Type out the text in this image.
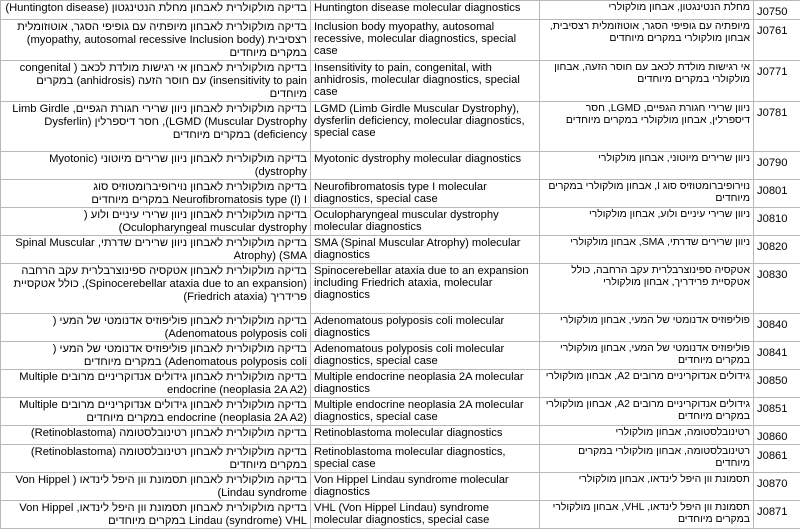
בדיקה מולקולרית לאבחון מחלת הנטינגטון (Huntington disease)	Huntington disease molecular diagnostics	מחלת הנטינגטון, אבחון מולקולרי	J0750
בדיקה מולקולרית לאבחון מיופתיה עם גופיפי הסגר, אוטוזומלית רצסיבית (myopathy, autosomal recessive Inclusion body) במקרים מיוחדים	Inclusion body myopathy, autosomal recessive, molecular diagnostics, special case	מיופתיה עם גופיפי הסגר, אוטוזומלית רצסיבית, אבחון מולקולרי במקרים מיוחדים	J0761
בדיקה מולקולרית לאבחון אי רגישות מולדת לכאב ( congenital insensitivity to pain) עם חוסר הזעה (anhidrosis) במקרים מיוחדים	Insensitivity to pain, congenital, with anhidrosis, molecular diagnostics, special case	אי רגישות מולדת לכאב עם חוסר הזעה, אבחון מולקולרי במקרים מיוחדים	J0771
בדיקה מולקולרית לאבחון ניוון שרירי חגורת הגפיים, Limb Girdle (LGMD (Muscular Dystrophy, חסר דיספרלין (Dysferlin deficiency) במקרים מיוחדים	LGMD (Limb Girdle Muscular Dystrophy), dysferlin deficiency, molecular diagnostics, special case	ניוון שרירי חגורת הגפיים, LGMD, חסר דיספרלין, אבחון מולקולרי במקרים מיוחדים	J0781
בדיקה מולקולרית לאבחון ניוון שרירים מיוטוני (Myotonic dystrophy)	Myotonic dystrophy molecular diagnostics	ניוון שרירים מיוטוני, אבחון מולקולרי	J0790
בדיקה מולקולרית לאבחון נוירופיברומטוזיס סוג Neurofibromatosis type (I) I במקרים מיוחדים	Neurofibromatosis type I molecular diagnostics, special case	נוירופיברומטוזיס סוג I, אבחון מולקולרי במקרים מיוחדים	J0801
בדיקה מולקולרית לאבחון ניוון שרירי עיניים ולוע ( Oculopharyngeal muscular dystrophy)	Oculopharyngeal muscular dystrophy molecular diagnostics	ניוון שרירי עיניים ולוע, אבחון מולקולרי	J0810
בדיקה מולקולרית לאבחון ניוון שרירים שדרתי, Spinal Muscular Atrophy) (SMA	SMA (Spinal Muscular Atrophy) molecular diagnostics	ניוון שרירים שדרתי, SMA, אבחון מולקולרי	J0820
בדיקה מולקולרית לאבחון אטקסיה ספינוצרבלרית עקב הרחבה (Spinocerebellar ataxia due to an expansion), כולל אטקסיית פרידריך (Friedrich ataxia)	Spinocerebellar ataxia due to an expansion including Friedrich ataxia, molecular diagnostics	אטקסיה ספינוצרבלרית עקב הרחבה, כולל אטקסיית פרידריך, אבחון מולקולרי	J0830
בדיקה מולקולרית לאבחון פוליפוזיס אדנומטי של המעי ( Adenomatous polyposis coli)	Adenomatous polyposis coli molecular diagnostics	פוליפוזיס אדנומטי של המעי, אבחון מולקולרי	J0840
בדיקה מולקולרית לאבחון פוליפוזיס אדנומטי של המעי ( Adenomatous polyposis coli) במקרים מיוחדים	Adenomatous polyposis coli molecular diagnostics, special case	פוליפוזיס אדנומטי של המעי, אבחון מולקולרי במקרים מיוחדים	J0841
בדיקה מולקולרית לאבחון גידולים אנדוקריניים מרובים Multiple endocrine (neoplasia 2A A2)	Multiple endocrine neoplasia 2A molecular diagnostics	גידולים אנדוקריניים מרובים A2, אבחון מולקולרי	J0850
בדיקה מולקולרית לאבחון גידולים אנדוקריניים מרובים Multiple endocrine (neoplasia 2A A2) במקרים מיוחדים	Multiple endocrine neoplasia 2A molecular diagnostics, special case	גידולים אנדוקריניים מרובים A2, אבחון מולקולרי במקרים מיוחדים	J0851
בדיקה מולקולרית לאבחון רטינובלסטומה (Retinoblastoma)	Retinoblastoma molecular diagnostics	רטינובלסטומה, אבחון מולקולרי	J0860
בדיקה מולקולרית לאבחון רטינובלסטומה (Retinoblastoma) במקרים מיוחדים	Retinoblastoma molecular diagnostics, special case	רטינובלסטומה, אבחון מולקולרי במקרים מיוחדים	J0861
בדיקה מולקולרית לאבחון תסמונת וון היפל לינדאו ( Von Hippel Lindau syndrome)	Von Hippel Lindau syndrome molecular diagnostics	תסמונת וון היפל לינדאו, אבחון מולקולרי	J0870
בדיקה מולקולרית לאבחון תסמונת וון היפל לינדאו, Von Hippel Lindau (syndrome) VHL במקרים מיוחדים	VHL (Von Hippel Lindau) syndrome molecular diagnostics, special case	תסמונת וון היפל לינדאו, VHL, אבחון מולקולרי במקרים מיוחדים	J0871
